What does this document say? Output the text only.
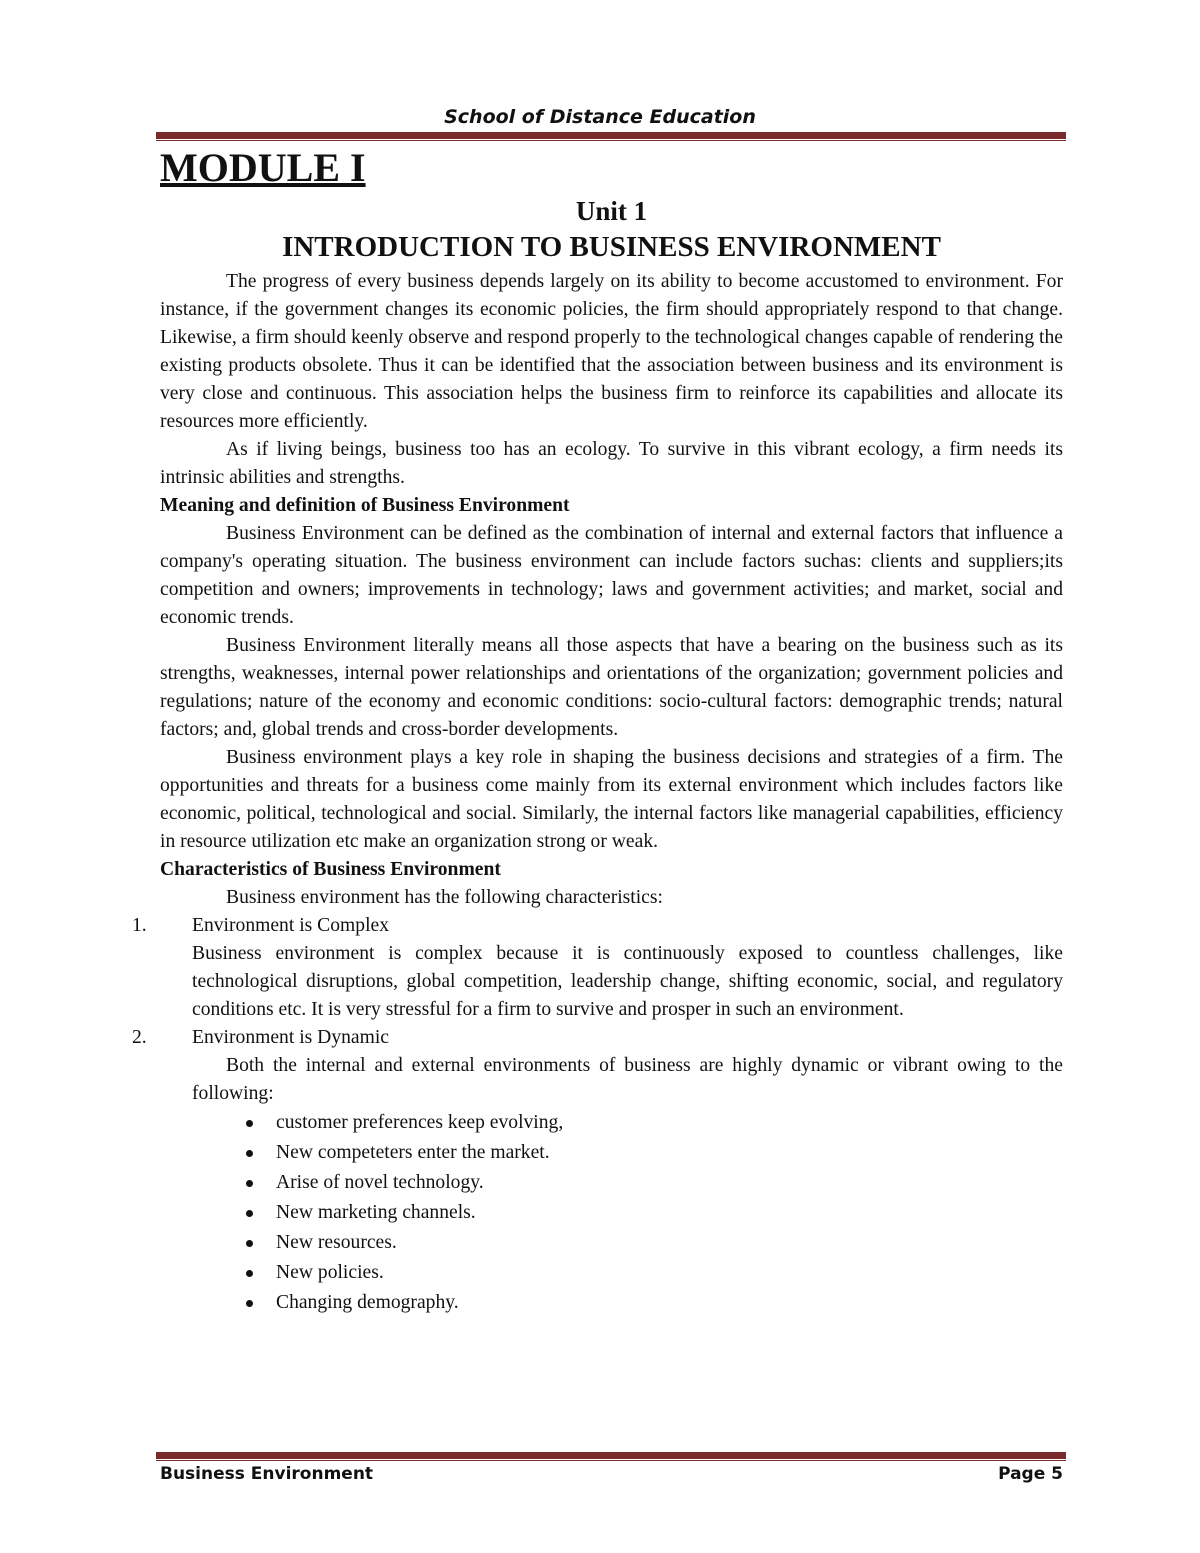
School of Distance Education
MODULE I
Unit 1
INTRODUCTION TO BUSINESS ENVIRONMENT

The progress of every business depends largely on its ability to become accustomed to environment. For instance, if the government changes its economic policies, the firm should appropriately respond to that change. Likewise, a firm should keenly observe and respond properly to the technological changes capable of rendering the existing products obsolete. Thus it can be identified that the association between business and its environment is very close and continuous. This association helps the business firm to reinforce its capabilities and allocate its resources more efficiently.

As if living beings, business too has an ecology. To survive in this vibrant ecology, a firm needs its intrinsic abilities and strengths.

Meaning and definition of Business Environment

Business Environment can be defined as the combination of internal and external factors that influence a company's operating situation. The business environment can include factors suchas: clients and suppliers;its competition and owners; improvements in technology; laws and government activities; and market, social and economic trends.

Business Environment literally means all those aspects that have a bearing on the business such as its strengths, weaknesses, internal power relationships and orientations of the organization; government policies and regulations; nature of the economy and economic conditions: socio-cultural factors: demographic trends; natural factors; and, global trends and cross-border developments.

Business environment plays a key role in shaping the business decisions and strategies of a firm. The opportunities and threats for a business come mainly from its external environment which includes factors like economic, political, technological and social. Similarly, the internal factors like managerial capabilities, efficiency in resource utilization etc make an organization strong or weak.

Characteristics of Business Environment

Business environment has the following characteristics:

1. Environment is Complex

Business environment is complex because it is continuously exposed to countless challenges, like technological disruptions, global competition, leadership change, shifting economic, social, and regulatory conditions etc. It is very stressful for a firm to survive and prosper in such an environment.

2. Environment is Dynamic

Both the internal and external environments of business are highly dynamic or vibrant owing to the following:

customer preferences keep evolving,
New competeters enter the market.
Arise of novel technology.
New marketing channels.
New resources.
New policies.
Changing demography.
Business Environment	Page 5
